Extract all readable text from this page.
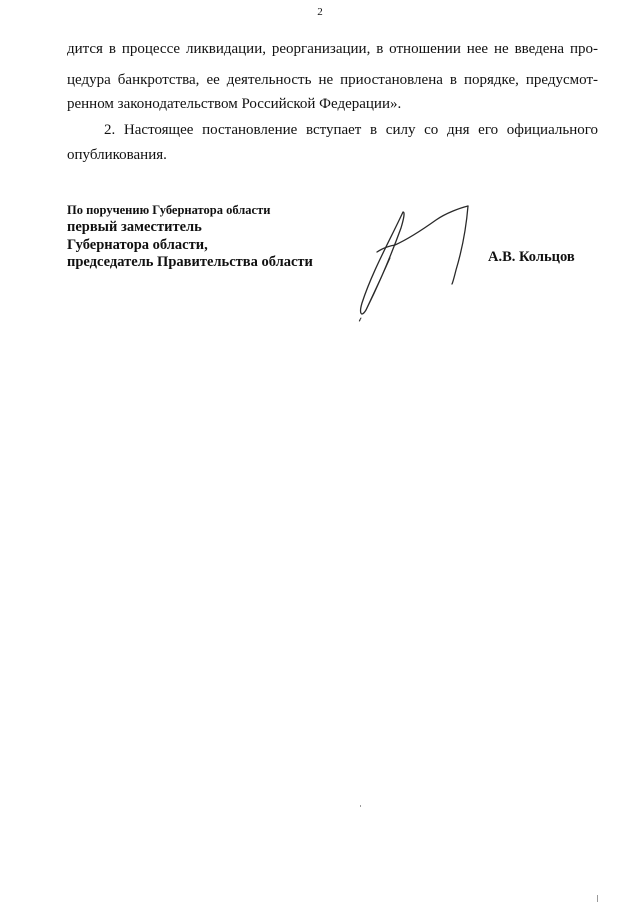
2
дится в процессе ликвидации, реорганизации, в отношении нее не введена про-
цедура банкротства, ее деятельность не приостановлена в порядке, предусмот-
ренном законодательством Российской Федерации».
2. Настоящее постановление вступает в силу со дня его официального
опубликования.
По поручению Губернатора области
первый заместитель
Губернатора области,
председатель Правительства области	А.В. Кольцов
